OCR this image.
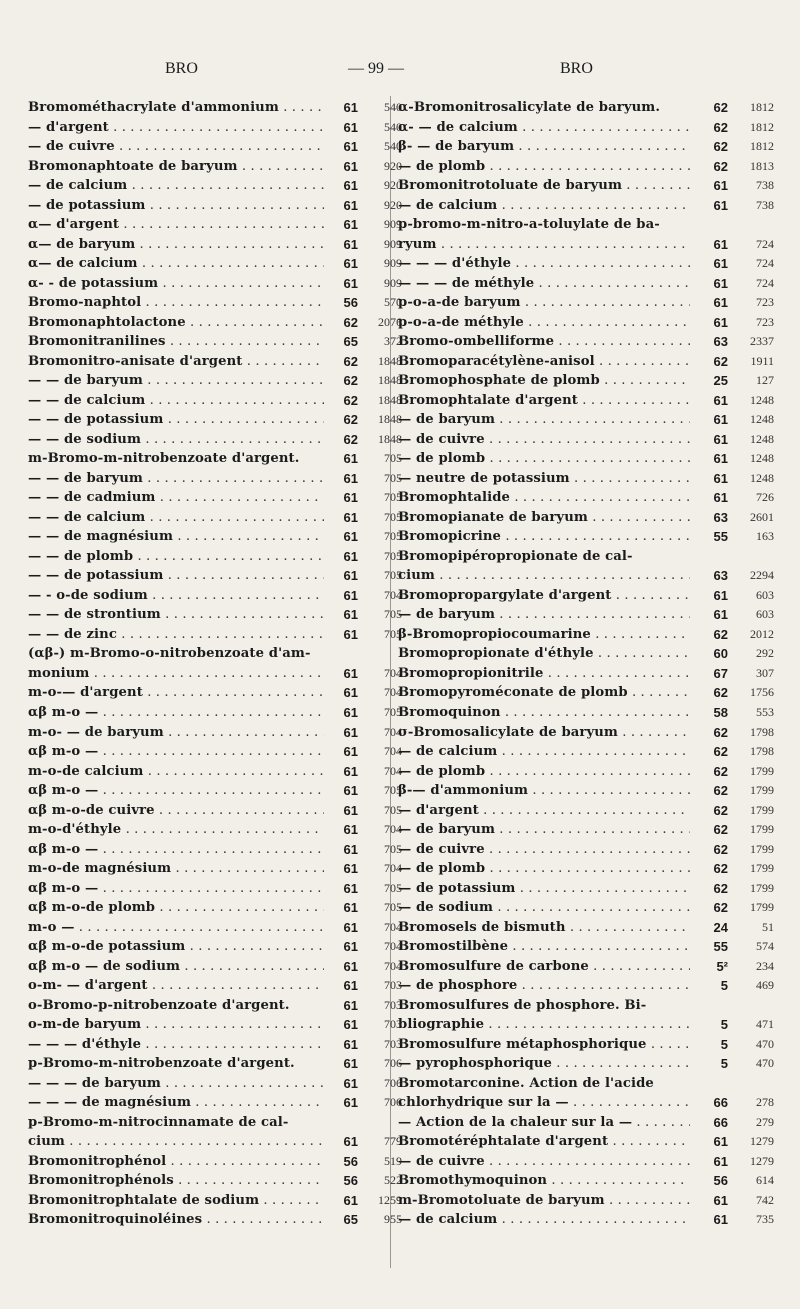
BRO	— 99 —	BRO
Bromométhacrylate d'ammonium . . .	61	540
— d'argent . . .	61	540
— de cuivre . . .	61	540
Bromonaphtoate de baryum . . .	61	920
— de calcium . . .	61	920
— de potassium . . .	61	920
α— d'argent . . .	61	909
α— de baryum . . .	61	909
α— de calcium . . .	61	909
α- - de potassium . . .	61	909
Bromo-naphtol . . .	56	570
Bromonaphtolactone . . .	62	2076
Bromonitranilines . . .	65	372
Bromonitro-anisate d'argent . . .	62	1848
— — de baryum . . .	62	1848
— — de calcium . . .	62	1848
— — de potassium . . .	62	1848
— — de sodium . . .	62	1848
m-Bromo-m-nitrobenzoate d'argent.	61	705
— — de baryum . . .	61	705
— — de cadmium . . .	61	705
— — de calcium . . .	61	705
— — de magnésium . . .	61	705
— — de plomb . . .	61	705
— — de potassium . . .	61	705
— - o-de sodium . . .	61	704
— — de strontium . . .	61	705
— — de zinc . . .	61	705
(αβ-) m-Bromo-o-nitrobenzoate d'am-
monium . . .	61	704
m-o-— d'argent . . .	61	704
αβ m-o — . . .	61	705
m-o- — de baryum . . .	61	704
αβ m-o — . . .	61	704
m-o-de calcium . . .	61	704
αβ m-o — . . .	61	705
αβ m-o-de cuivre . . .	61	705
m-o-d'éthyle . . .	61	704
αβ m-o — . . .	61	705
m-o-de magnésium . . .	61	704
αβ m-o — . . .	61	705
αβ m-o-de plomb . . .	61	705
m-o — . . .	61	704
αβ m-o-de potassium . . .	61	704
αβ m-o — de sodium . . .	61	704
o-m- — d'argent . . .	61	703
o-Bromo-p-nitrobenzoate d'argent.	61	703
o-m-de baryum . . .	61	703
— — — d'éthyle . . .	61	703
p-Bromo-m-nitrobenzoate d'argent.	61	706
— — — de baryum . . .	61	706
— — — de magnésium . . .	61	706
p-Bromo-m-nitrocinnamate de cal-
cium . . .	61	779
Bromonitrophénol . . .	56	519
Bromonitrophénols . . .	56	522
Bromonitrophtalate de sodium . . .	61	1259
Bromonitroquinoléines . . .	65	955
α-Bromonitrosalicylate de baryum.	62	1812
α- — de calcium . . .	62	1812
β- — de baryum . . .	62	1812
— de plomb . . .	62	1813
Bromonitrotoluate de baryum . . .	61	738
— de calcium . . .	61	738
p-bromo-m-nitro-a-toluylate de ba-
ryum . . .	61	724
— — — d'éthyle . . .	61	724
— — — de méthyle . . .	61	724
p-o-a-de baryum . . .	61	723
p-o-a-de méthyle . . .	61	723
Bromo-ombelliforme . . .	63	2337
Bromoparacétylène-anisol . . .	62	1911
Bromophosphate de plomb . . .	25	127
Bromophtalate d'argent . . .	61	1248
— de baryum . . .	61	1248
— de cuivre . . .	61	1248
— de plomb . . .	61	1248
— neutre de potassium . . .	61	1248
Bromophtalide . . .	61	726
Bromopianate de baryum . . .	63	2601
Bromopicrine . . .	55	163
Bromopipéropropionate de cal-
cium . . .	63	2294
Bromopropargylate d'argent . . .	61	603
— de baryum . . .	61	603
β-Bromopropiocoumarine . . .	62	2012
Bromopropionate d'éthyle . . .	60	292
Bromopropionitrile . . .	67	307
Bromopyroméconate de plomb . . .	62	1756
Bromoquinon . . .	58	553
σ-Bromosalicylate de baryum . . .	62	1798
— de calcium . . .	62	1798
— de plomb . . .	62	1799
β-— d'ammonium . . .	62	1799
— d'argent . . .	62	1799
— de baryum . . .	62	1799
— de cuivre . . .	62	1799
— de plomb . . .	62	1799
— de potassium . . .	62	1799
— de sodium . . .	62	1799
Bromosels de bismuth . . .	24	51
Bromostilbène . . .	55	574
Bromosulfure de carbone . . .	5²	234
— de phosphore . . .	5	469
Bromosulfures de phosphore. Bi-
bliographie . . .	5	471
Bromosulfure métaphosphorique . . .	5	470
— pyrophosphorique . . .	5	470
Bromotarconine. Action de l'acide
chlorhydrique sur la — . . .	66	278
— Action de la chaleur sur la — . . .	66	279
Bromotéréphtalate d'argent . . .	61	1279
— de cuivre . . .	61	1279
Bromothymoquinon . . .	56	614
m-Bromotoluate de baryum . . .	61	742
— de calcium . . .	61	735
